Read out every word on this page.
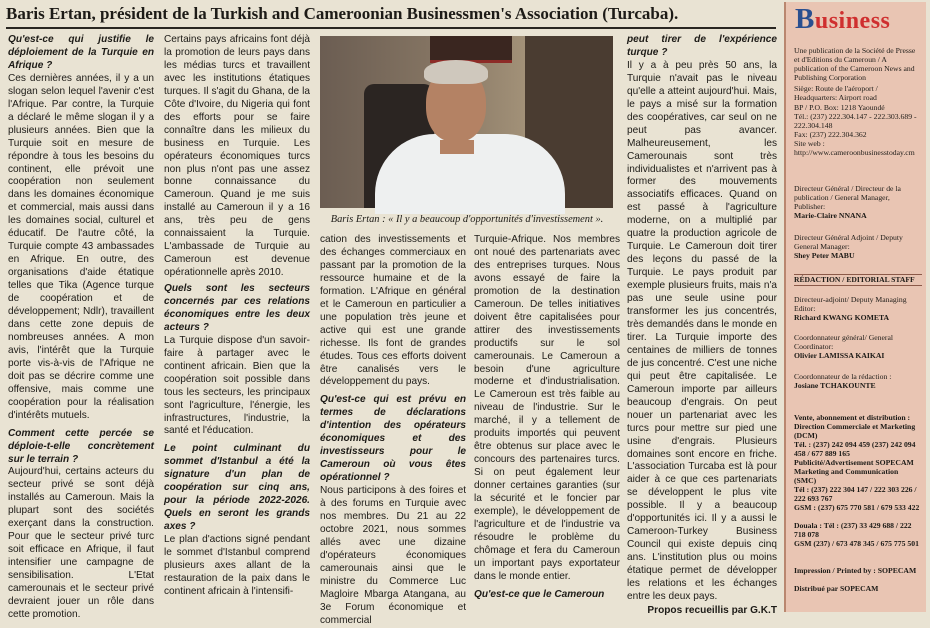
Baris Ertan, président de la Turkish and Cameroonian Businessmen's Association (Turcaba).

Qu'est-ce qui justifie le déploiement de la Turquie en Afrique ?

Ces dernières années, il y a un slogan selon lequel l'avenir c'est l'Afrique. Par contre, la Turquie a déclaré le même slogan il y a plusieurs années. Bien que la Turquie soit en mesure de répondre à tous les besoins du continent, elle prévoit une coopération non seulement dans les domaines économique et commercial, mais aussi dans les domaines social, culturel et éducatif. De l'autre côté, la Turquie compte 43 ambassades en Afrique. En outre, des organisations d'aide étatique telles que Tika (Agence turque de coopération et de développement; Ndlr), travaillent dans cette zone depuis de nombreuses années. A mon avis, l'intérêt que la Turquie porte vis-à-vis de l'Afrique ne doit pas se décrire comme une offensive, mais comme une coopération pour la réalisation d'intérêts mutuels.

Comment cette percée se déploie-t-elle concrètement sur le terrain ?

Aujourd'hui, certains acteurs du secteur privé se sont déjà installés au Cameroun. Mais la plupart sont des sociétés exerçant dans la construction. Pour que le secteur privé turc soit efficace en Afrique, il faut intensifier une campagne de sensibilisation. L'Etat camerounais et le secteur privé devraient jouer un rôle dans cette promotion.

Certains pays africains font déjà la promotion de leurs pays dans les médias turcs et travaillent avec les institutions étatiques turques. Il s'agit du Ghana, de la Côte d'Ivoire, du Nigeria qui font des efforts pour se faire connaître dans les milieux du business en Turquie. Les opérateurs économiques turcs non plus n'ont pas une assez bonne connaissance du Cameroun. Quand je me suis installé au Cameroun il y a 16 ans, très peu de gens connaissaient la Turquie. L'ambassade de Turquie au Cameroun est devenue opérationnelle après 2010.

Quels sont les secteurs concernés par ces relations économiques entre les deux acteurs ?

La Turquie dispose d'un savoir-faire à partager avec le continent africain. Bien que la coopération soit possible dans tous les secteurs, les principaux sont l'agriculture, l'énergie, les infrastructures, l'industrie, la santé et l'éducation.

Le point culminant du sommet d'Istanbul a été la signature d'un plan de coopération sur cinq ans, pour la période 2022-2026. Quels en seront les grands axes ?

Le plan d'actions signé pendant le sommet d'Istanbul comprend plusieurs axes allant de la restauration de la paix dans le continent africain à l'intensifi-

Baris Ertan : « Il y a beaucoup d'opportunités d'investissement ».

cation des investissements et des échanges commerciaux en passant par la promotion de la ressource humaine et de la formation. L'Afrique en général et le Cameroun en particulier a une population très jeune et active qui est une grande richesse. Ils font de grandes études. Tous ces efforts doivent être canalisés vers le développement du pays.

Qu'est-ce qui est prévu en termes de déclarations d'intention des opérateurs économiques et des investisseurs pour le Cameroun où vous êtes opérationnel ?

Nous participons à des foires et à des forums en Turquie avec nos membres. Du 21 au 22 octobre 2021, nous sommes allés avec une dizaine d'opérateurs économiques camerounais ainsi que le ministre du Commerce Luc Magloire Mbarga Atangana, au 3e Forum économique et commercial

Turquie-Afrique. Nos membres ont noué des partenariats avec des entreprises turques. Nous avons essayé de faire la promotion de la destination Cameroun. De telles initiatives doivent être capitalisées pour attirer des investissements productifs sur le sol camerounais. Le Cameroun a besoin d'une agriculture moderne et d'industrialisation. Le Cameroun est très faible au niveau de l'industrie. Sur le marché, il y a tellement de produits importés qui peuvent être obtenus sur place avec le concours des partenaires turcs. Si on peut également leur donner certaines garanties (sur la sécurité et le foncier par exemple), le développement de l'agriculture et de l'industrie va résoudre le problème du chômage et fera du Cameroun un important pays exportateur dans le monde entier.

Qu'est-ce que le Cameroun

peut tirer de l'expérience turque ?

Il y a à peu près 50 ans, la Turquie n'avait pas le niveau qu'elle a atteint aujourd'hui. Mais, le pays a misé sur la formation des coopératives, car seul on ne peut pas avancer. Malheureusement, les Camerounais sont très individualistes et n'arrivent pas à former des mouvements associatifs efficaces. Quand on est passé à l'agriculture moderne, on a multiplié par quatre la production agricole de Turquie. Le Cameroun doit tirer des leçons du passé de la Turquie. Le pays produit par exemple plusieurs fruits, mais n'a pas une seule usine pour transformer les jus concentrés, très demandés dans le monde en tirer. La Turquie importe des centaines de milliers de tonnes de jus concentré. C'est une niche qui peut être capitalisée. Le Cameroun importe par ailleurs beaucoup d'engrais. On peut nouer un partenariat avec les turcs pour mettre sur pied une usine d'engrais. Plusieurs domaines sont encore en friche. L'association Turcaba est là pour aider à ce que ces partenariats se développent le plus vite possible. Il y a beaucoup d'opportunités ici. Il y a aussi le Cameroon-Turkey Business Council qui existe depuis cinq ans. L'institution plus ou moins étatique permet de développer les relations et les échanges entre les deux pays.

Propos recueillis par G.K.T

Business
Une publication de la Société de Presse et d'Editions du Cameroun / A publication of the Cameroon News and Publishing Corporation
Siège: Route de l'aéroport / Headquarters: Airport road
BP / P.O. Box: 1218 Yaoundé
Tél.: (237) 222.304.147 - 222.303.689 - 222.304.148
Fax: (237) 222.304.362
Site web : http://www.cameroonbusinesstoday.cm
Directeur Général / Directeur de la publication / General Manager, Publisher:
Marie-Claire NNANA
Directeur Général Adjoint / Deputy General Manager:
Shey Peter MABU
Directeur-adjoint/ Deputy Managing Editor:
Richard KWANG KOMETA
Coordonnateur général/ General Coordinator:
Olivier LAMISSA KAIKAI
Coordonnateur de la rédaction :
Josiane TCHAKOUNTE
Vente, abonnement et distribution : Direction Commerciale et Marketing (DCM)
Tél. : (237) 242 094 459 (237) 242 094 458 / 677 889 165
Publicité/Advertisement SOPECAM Marketing and Communication (SMC)
Tél : (237) 222 304 147 / 222 303 226 / 222 693 767
GSM : (237) 675 770 581 / 679 533 422
Douala : Tél : (237) 33 429 688 / 222 718 078
GSM (237) / 673 478 345 / 675 775 501
Impression / Printed by : SOPECAM
Distribué par SOPECAM
RÉDACTION / EDITORIAL STAFF
